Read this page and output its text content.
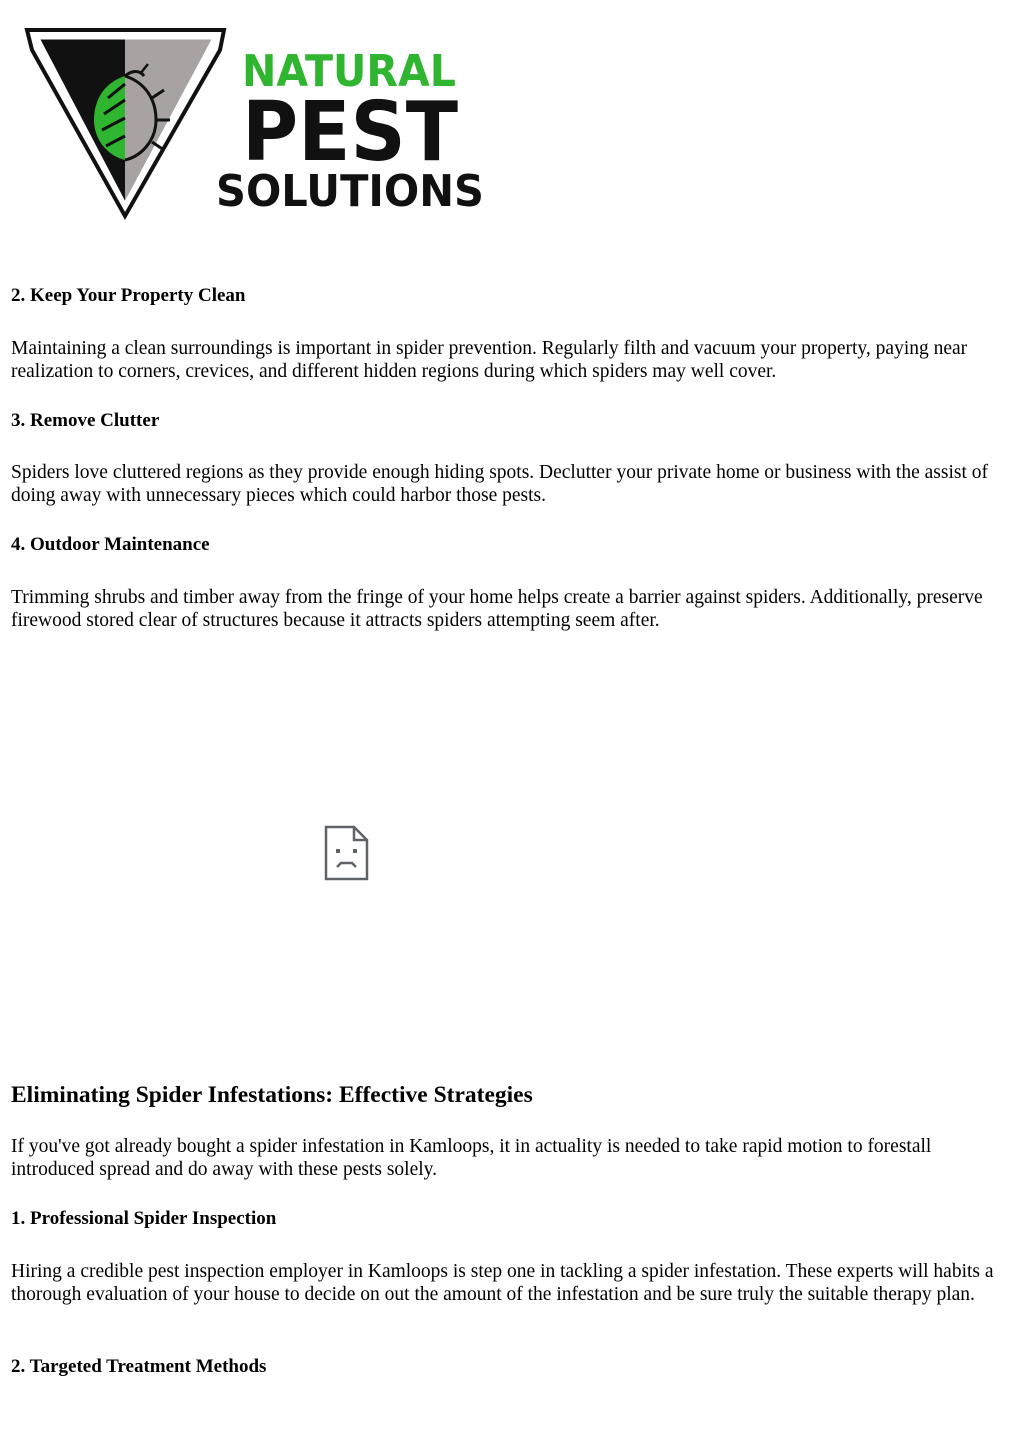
NATURAL
PEST
SOLUTIONS
2. Keep Your Property Clean

Maintaining a clean surroundings is important in spider prevention. Regularly filth and vacuum your property, paying near realization to corners, crevices, and different hidden regions during which spiders may well cover.

3. Remove Clutter

Spiders love cluttered regions as they provide enough hiding spots. Declutter your private home or business with the assist of doing away with unnecessary pieces which could harbor those pests.

4. Outdoor Maintenance

Trimming shrubs and timber away from the fringe of your home helps create a barrier against spiders. Additionally, preserve firewood stored clear of structures because it attracts spiders attempting seem after.

Eliminating Spider Infestations: Effective Strategies

If you've got already bought a spider infestation in Kamloops, it in actuality is needed to take rapid motion to forestall introduced spread and do away with these pests solely.

1. Professional Spider Inspection

Hiring a credible pest inspection employer in Kamloops is step one in tackling a spider infestation. These experts will habits a thorough evaluation of your house to decide on out the amount of the infestation and be sure truly the suitable therapy plan.

2. Targeted Treatment Methods
